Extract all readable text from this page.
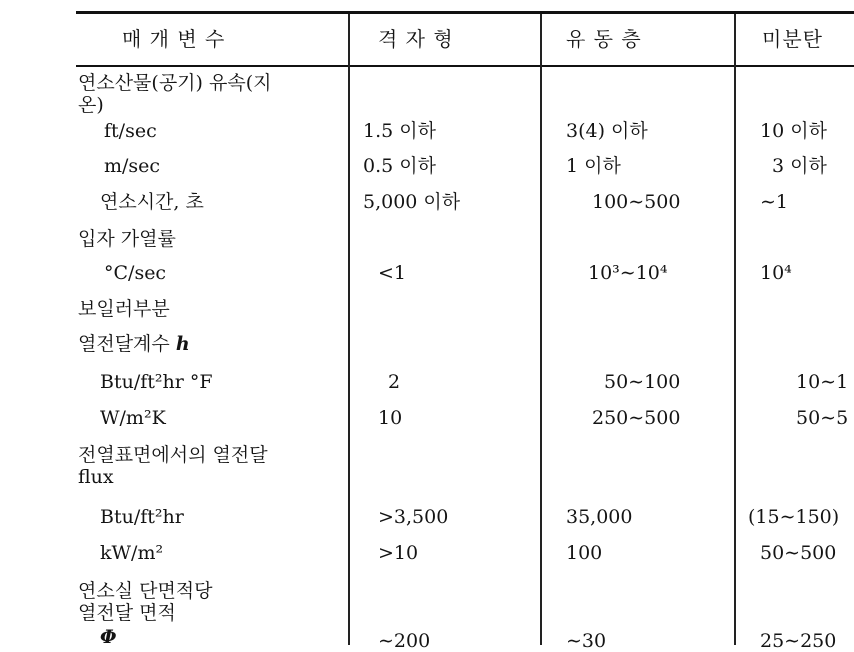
매 개 변 수	격 자 형	유 동 층	미분탄
연소산물(공기) 유속(지
온)
ft/sec	1.5 이하	3(4) 이하	10 이하
m/sec	0.5 이하	1 이하	3 이하
연소시간, 초	5,000 이하	100∼500	∼1
입자 가열률
°C/sec	<1	10³∼10⁴	10⁴
보일러부분
열전달계수 h
Btu/ft²hr °F	2	50∼100	10∼1
W/m²K	10	250∼500	50∼5
전열표면에서의 열전달
flux
Btu/ft²hr	>3,500	35,000	(15∼150)
kW/m²	>10	100	50∼500
연소실 단면적당
열전달 면적
Φ	∼200	∼30	25∼250
